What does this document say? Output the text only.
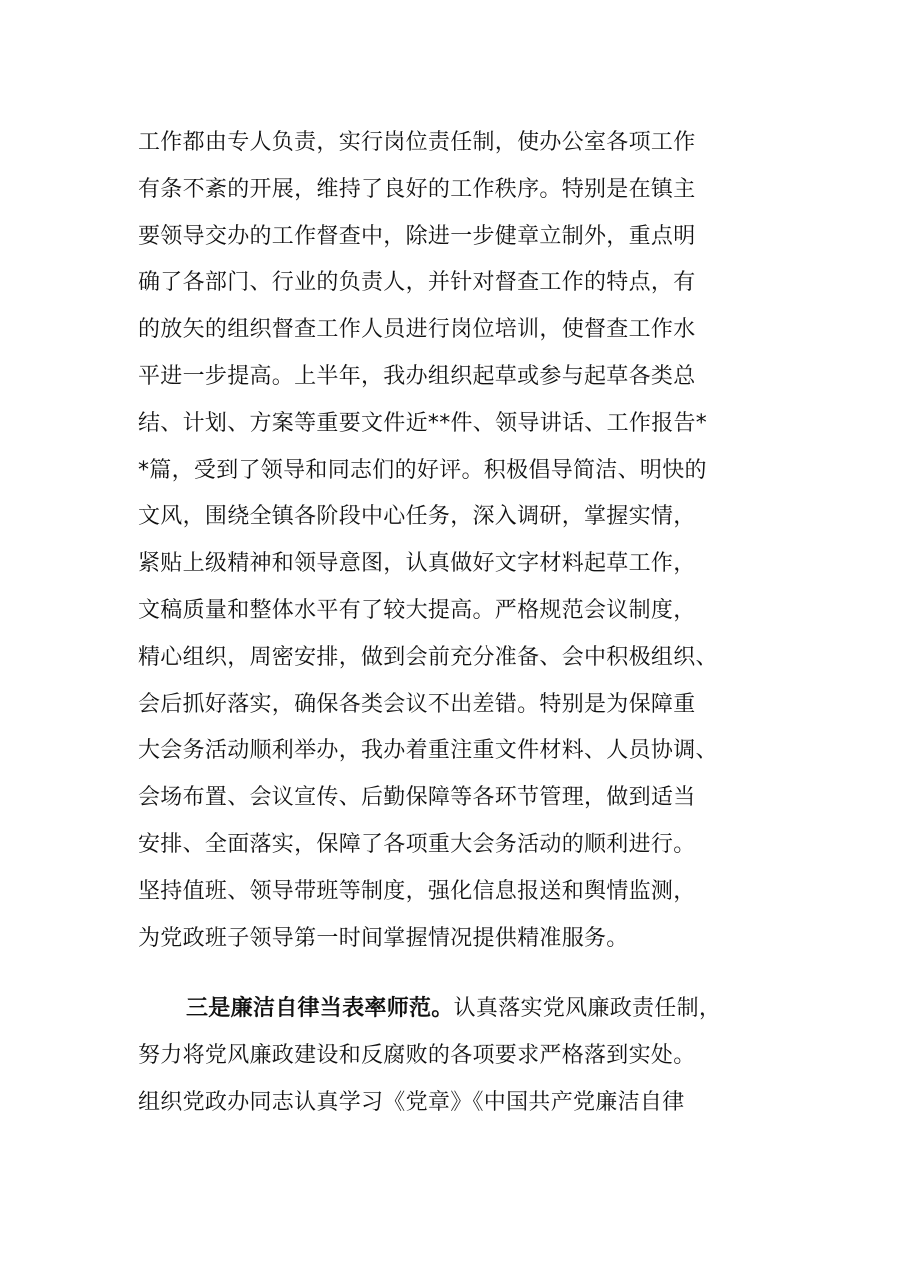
工作都由专人负责，实行岗位责任制，使办公室各项工作
有条不紊的开展，维持了良好的工作秩序。特别是在镇主
要领导交办的工作督查中，除进一步健章立制外，重点明
确了各部门、行业的负责人，并针对督查工作的特点，有
的放矢的组织督查工作人员进行岗位培训，使督查工作水
平进一步提高。上半年，我办组织起草或参与起草各类总
结、计划、方案等重要文件近**件、领导讲话、工作报告*
*篇，受到了领导和同志们的好评。积极倡导简洁、明快的
文风，围绕全镇各阶段中心任务，深入调研，掌握实情，
紧贴上级精神和领导意图，认真做好文字材料起草工作，
文稿质量和整体水平有了较大提高。严格规范会议制度，
精心组织，周密安排，做到会前充分准备、会中积极组织、
会后抓好落实，确保各类会议不出差错。特别是为保障重
大会务活动顺利举办，我办着重注重文件材料、人员协调、
会场布置、会议宣传、后勤保障等各环节管理，做到适当
安排、全面落实，保障了各项重大会务活动的顺利进行。
坚持值班、领导带班等制度，强化信息报送和舆情监测，
为党政班子领导第一时间掌握情况提供精准服务。
三是廉洁自律当表率师范。认真落实党风廉政责任制，
努力将党风廉政建设和反腐败的各项要求严格落到实处。
组织党政办同志认真学习《党章》《中国共产党廉洁自律
